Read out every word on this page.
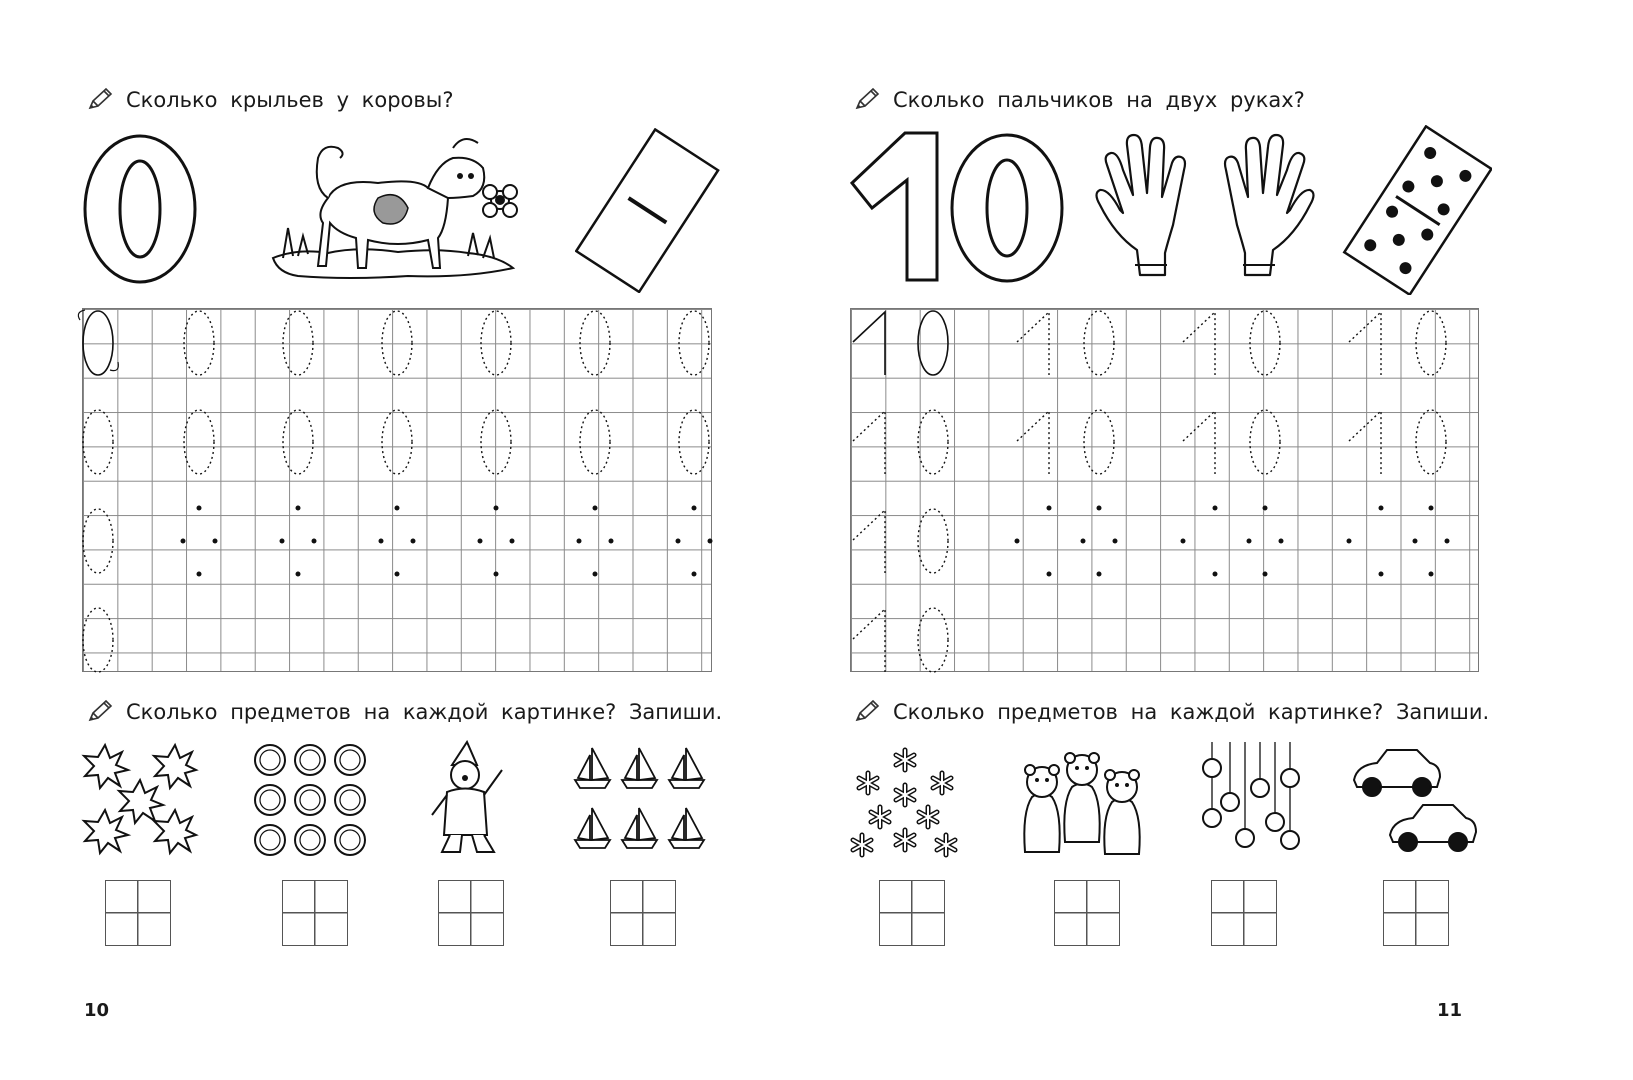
Сколько крыльев у коровы?
Сколько предметов на каждой картинке? Запиши.
10
Сколько пальчиков на двух руках?
Сколько предметов на каждой картинке? Запиши.
11
